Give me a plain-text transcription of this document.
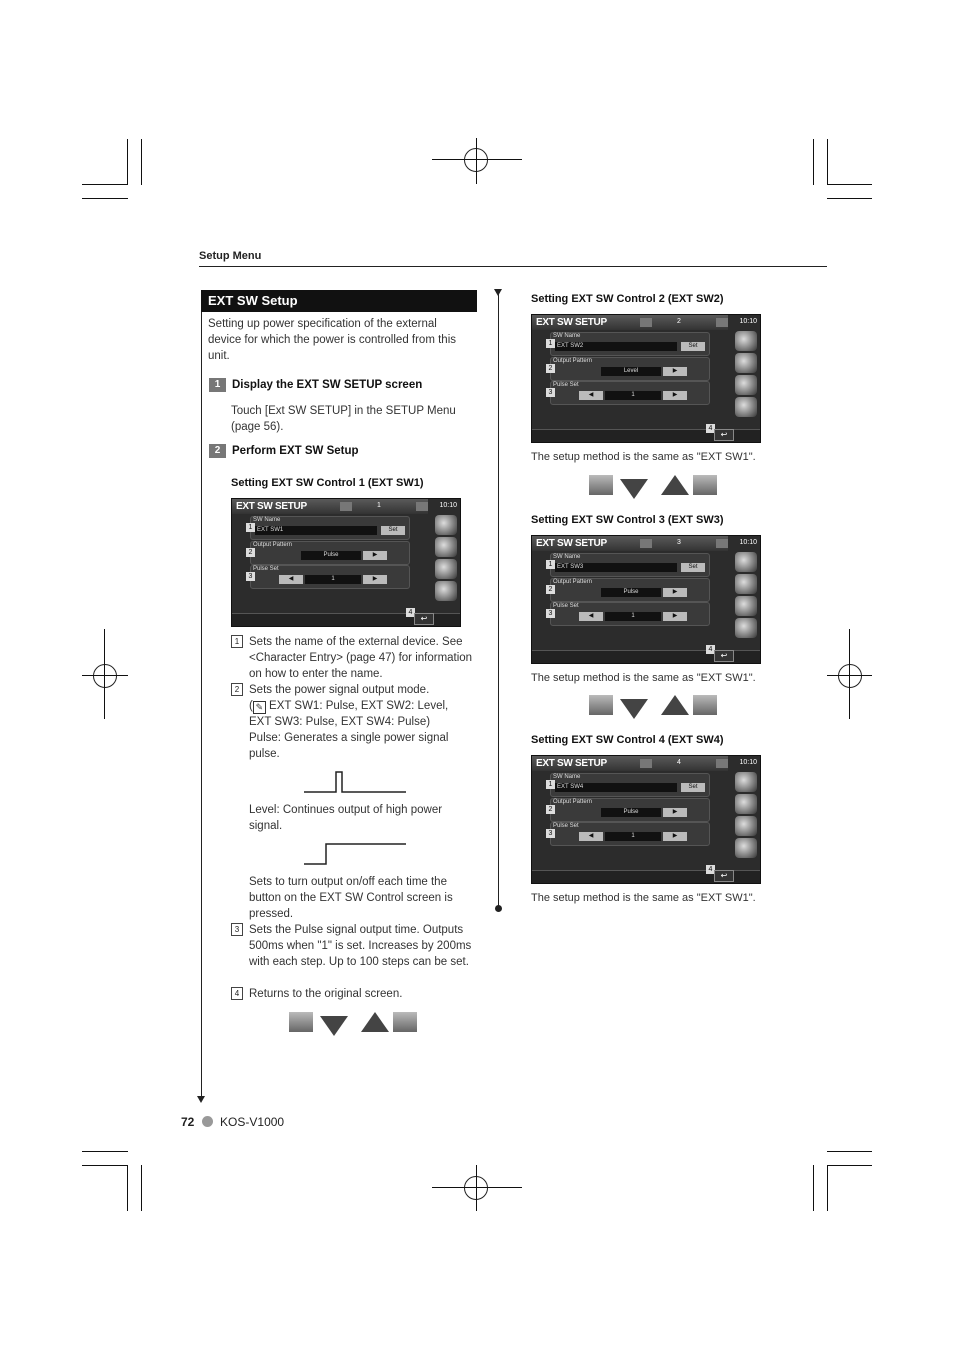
Setup Menu
EXT SW Setup
Setting up power specification of the external device for which the power is controlled from this unit.
1 Display the EXT SW SETUP screen
Touch [Ext SW SETUP] in the SETUP Menu (page 56).
2 Perform EXT SW Setup
Setting EXT SW Control 1 (EXT SW1)
EXT SW SETUP	1	10:10
SW Name
EXT SW1	Set
1
Output Pattern
Pulse	▶
2
Pulse Set
◀	1	▶
3
4
↩
1 Sets the name of the external device. See <Character Entry> (page 47) for information on how to enter the name.
2 Sets the power signal output mode.
( ✎ EXT SW1: Pulse, EXT SW2: Level, EXT SW3: Pulse, EXT SW4: Pulse)
Pulse: Generates a single power signal pulse.
Level: Continues output of high power signal.
Sets to turn output on/off each time the button on the EXT SW Control screen is pressed.
3 Sets the Pulse signal output time. Outputs 500ms when "1" is set. Increases by 200ms with each step. Up to 100 steps can be set.
4 Returns to the original screen.
Setting EXT SW Control 2 (EXT SW2)
EXT SW SETUP	2	10:10
SW Name
EXT SW2	Set
1
Output Pattern
Level	▶
2
Pulse Set
◀	1	▶
3
4
↩
The setup method is the same as "EXT SW1".
Setting EXT SW Control 3 (EXT SW3)
EXT SW SETUP	3	10:10
SW Name
EXT SW3	Set
1
Output Pattern
Pulse	▶
2
Pulse Set
◀	1	▶
3
4
↩
The setup method is the same as "EXT SW1".
Setting EXT SW Control 4 (EXT SW4)
EXT SW SETUP	4	10:10
SW Name
EXT SW4	Set
1
Output Pattern
Pulse	▶
2
Pulse Set
◀	1	▶
3
4
↩
The setup method is the same as "EXT SW1".
72 KOS-V1000
